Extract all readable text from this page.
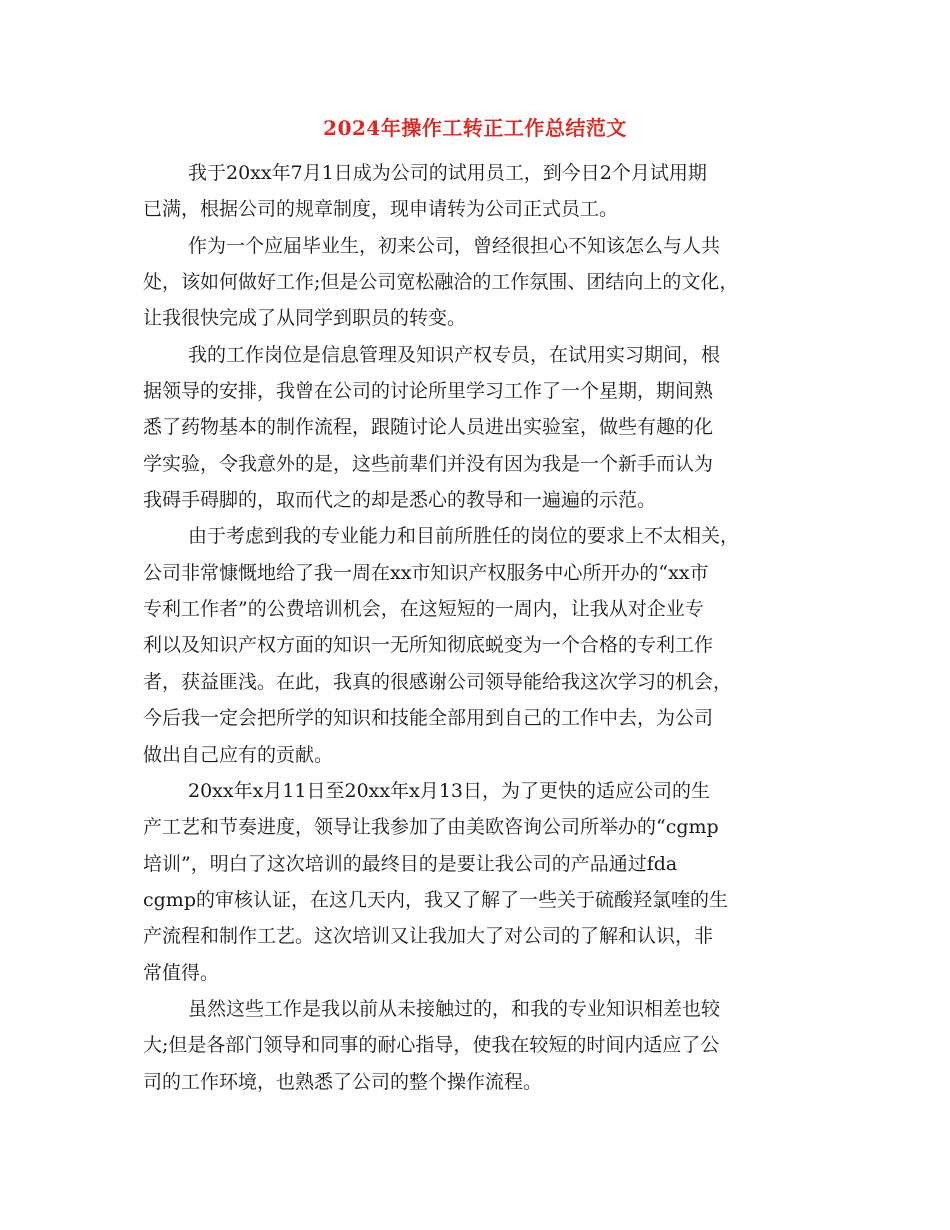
2024年操作工转正工作总结范文
我于20xx年7月1日成为公司的试用员工，到今日2个月试用期
已满，根据公司的规章制度，现申请转为公司正式员工。
作为一个应届毕业生，初来公司，曾经很担心不知该怎么与人共
处，该如何做好工作;但是公司宽松融洽的工作氛围、团结向上的文化，
让我很快完成了从同学到职员的转变。
我的工作岗位是信息管理及知识产权专员，在试用实习期间，根
据领导的安排，我曾在公司的讨论所里学习工作了一个星期，期间熟
悉了药物基本的制作流程，跟随讨论人员进出实验室，做些有趣的化
学实验，令我意外的是，这些前辈们并没有因为我是一个新手而认为
我碍手碍脚的，取而代之的却是悉心的教导和一遍遍的示范。
由于考虑到我的专业能力和目前所胜任的岗位的要求上不太相关，
公司非常慷慨地给了我一周在xx市知识产权服务中心所开办的“xx市
专利工作者”的公费培训机会，在这短短的一周内，让我从对企业专
利以及知识产权方面的知识一无所知彻底蜕变为一个合格的专利工作
者，获益匪浅。在此，我真的很感谢公司领导能给我这次学习的机会，
今后我一定会把所学的知识和技能全部用到自己的工作中去，为公司
做出自己应有的贡献。
20xx年x月11日至20xx年x月13日，为了更快的适应公司的生
产工艺和节奏进度，领导让我参加了由美欧咨询公司所举办的“cgmp
培训”，明白了这次培训的最终目的是要让我公司的产品通过fda
cgmp的审核认证，在这几天内，我又了解了一些关于硫酸羟氯喹的生
产流程和制作工艺。这次培训又让我加大了对公司的了解和认识，非
常值得。
虽然这些工作是我以前从未接触过的，和我的专业知识相差也较
大;但是各部门领导和同事的耐心指导，使我在较短的时间内适应了公
司的工作环境，也熟悉了公司的整个操作流程。
